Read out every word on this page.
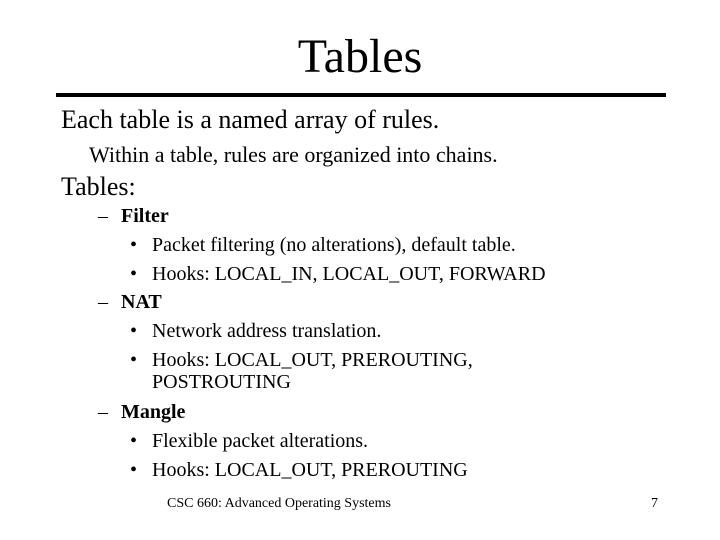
Tables
Each table is a named array of rules.
Within a table, rules are organized into chains.
Tables:
– Filter
• Packet filtering (no alterations), default table.
• Hooks: LOCAL_IN, LOCAL_OUT, FORWARD
– NAT
• Network address translation.
• Hooks: LOCAL_OUT, PREROUTING,
POSTROUTING
– Mangle
• Flexible packet alterations.
• Hooks: LOCAL_OUT, PREROUTING
CSC 660: Advanced Operating Systems	7
